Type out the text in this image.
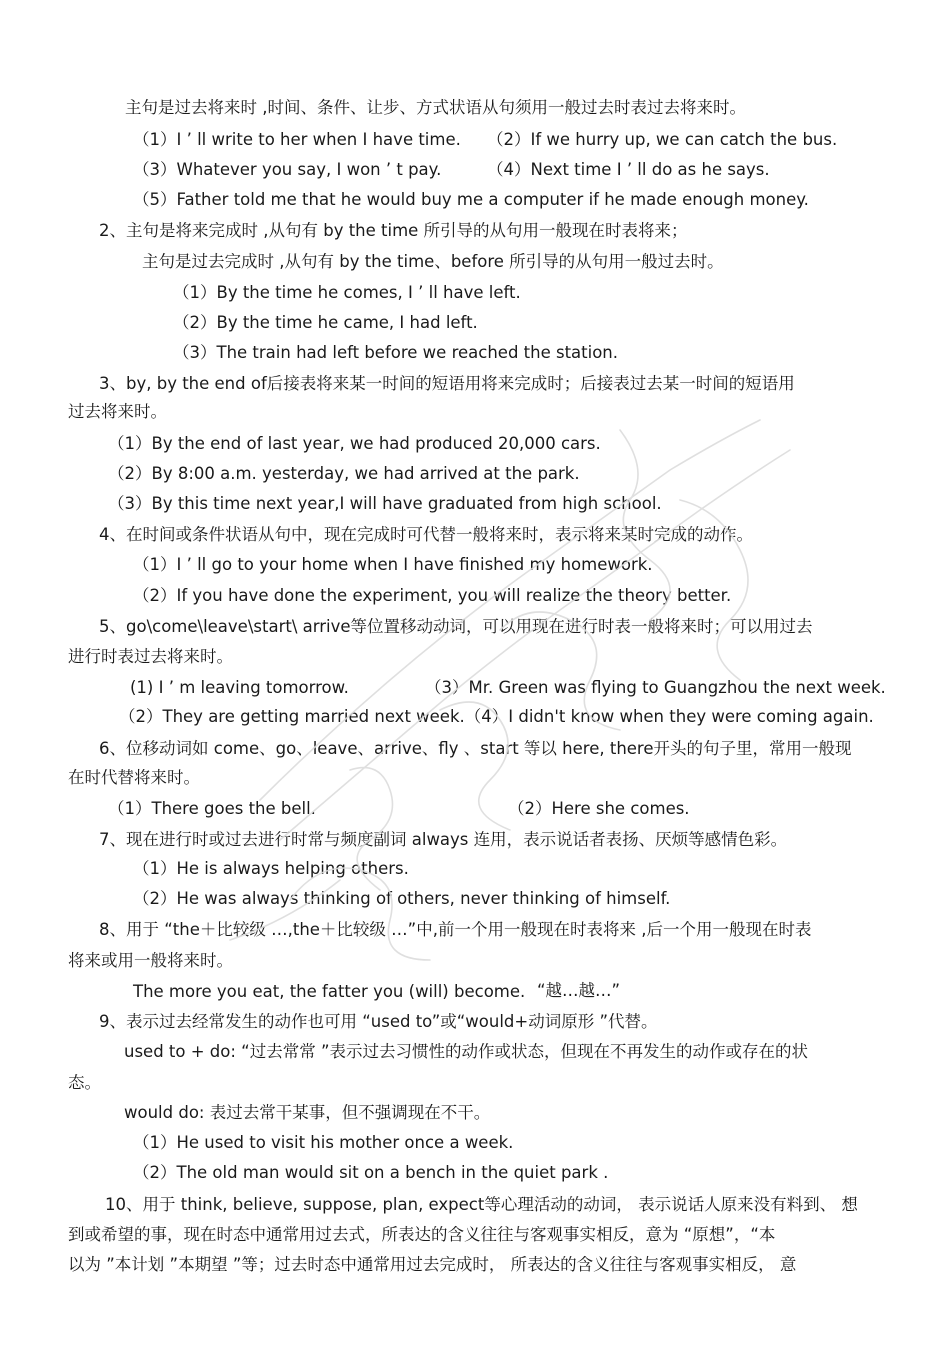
主句是过去将来时 ,时间、条件、让步、方式状语从句须用一般过去时表过去将来时。
（1）I ’ ll write to her when I have time. （2）If we hurry up, we can catch the bus.
（3）Whatever you say, I won ’ t pay.	（4）Next time I ’ ll do as he says.
（5）Father told me that he would buy me a computer if he made enough money.
2、主句是将来完成时 ,从句有 by the time 所引导的从句用一般现在时表将来；
主句是过去完成时 ,从句有 by the time、before 所引导的从句用一般过去时。
（1）By the time he comes, I ’ ll have left.
（2）By the time he came, I had left.
（3）The train had left before we reached the station.
3、by, by the end of后接表将来某一时间的短语用将来完成时；后接表过去某一时间的短语用
过去将来时。
（1）By the end of last year, we had produced 20,000 cars.
（2）By 8:00 a.m. yesterday, we had arrived at the park.
（3）By this time next year,I will have graduated from high school.
4、在时间或条件状语从句中，现在完成时可代替一般将来时，表示将来某时完成的动作。
（1）I ’ ll go to your home when I have finished my homework.
（2）If you have done the experiment, you will realize the theory better.
5、go\come\leave\start\ arrive等位置移动动词，可以用现在进行时表一般将来时；可以用过去
进行时表过去将来时。
(1) I ’ m leaving tomorrow.	（3）Mr. Green was flying to Guangzhou the next week.
（2）They are getting married next week.（4）I didn't know when they were coming again.
6、位移动词如 come、go、leave、arrive、fly 、start 等以 here, there开头的句子里，常用一般现
在时代替将来时。
（1）There goes the bell.	（2）Here she comes.
7、现在进行时或过去进行时常与频度副词 always 连用，表示说话者表扬、厌烦等感情色彩。
（1）He is always helping others.
（2）He was always thinking of others, never thinking of himself.
8、用于 “the＋比较级 …,the＋比较级 …”中,前一个用一般现在时表将来 ,后一个用一般现在时表
将来或用一般将来时。
The more you eat, the fatter you (will) become. “越…越…”
9、表示过去经常发生的动作也可用 “used to”或“would+动词原形 ”代替。
used to + do: “过去常常 ”表示过去习惯性的动作或状态，但现在不再发生的动作或存在的状
态。
would do: 表过去常干某事，但不强调现在不干。
（1）He used to visit his mother once a week.
（2）The old man would sit on a bench in the quiet park .
10、用于 think, believe, suppose, plan, expect等心理活动的动词， 表示说话人原来没有料到、 想
到或希望的事，现在时态中通常用过去式，所表达的含义往往与客观事实相反，意为 “原想”，“本
以为 ”本计划 ”本期望 ”等；过去时态中通常用过去完成时， 所表达的含义往往与客观事实相反， 意
